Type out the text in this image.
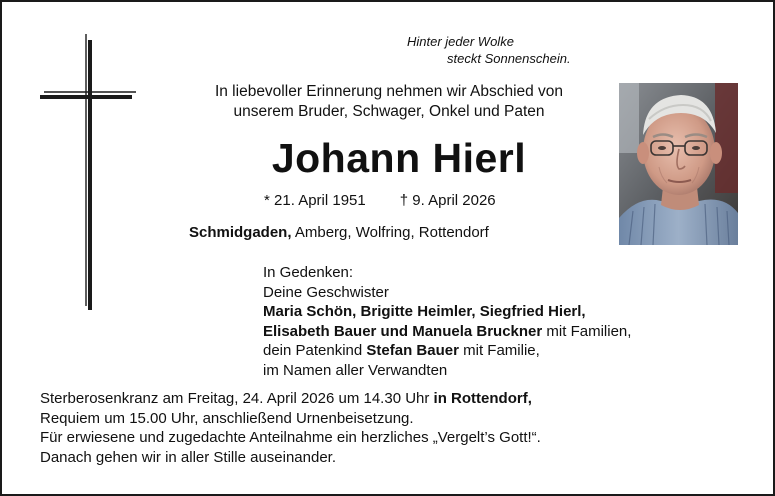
Hinter jeder Wolke
steckt Sonnenschein.
In liebevoller Erinnerung nehmen wir Abschied von
unserem Bruder, Schwager, Onkel und Paten
Johann Hierl
* 21. April 1951 † 9. April 2026
Schmidgaden, Amberg, Wolfring, Rottendorf
In Gedenken:
Deine Geschwister
Maria Schön, Brigitte Heimler, Siegfried Hierl,
Elisabeth Bauer und Manuela Bruckner mit Familien,
dein Patenkind Stefan Bauer mit Familie,
im Namen aller Verwandten
Sterberosenkranz am Freitag, 24. April 2026 um 14.30 Uhr in Rottendorf,
Requiem um 15.00 Uhr, anschließend Urnenbeisetzung.
Für erwiesene und zugedachte Anteilnahme ein herzliches „Vergelt’s Gott!“.
Danach gehen wir in aller Stille auseinander.
